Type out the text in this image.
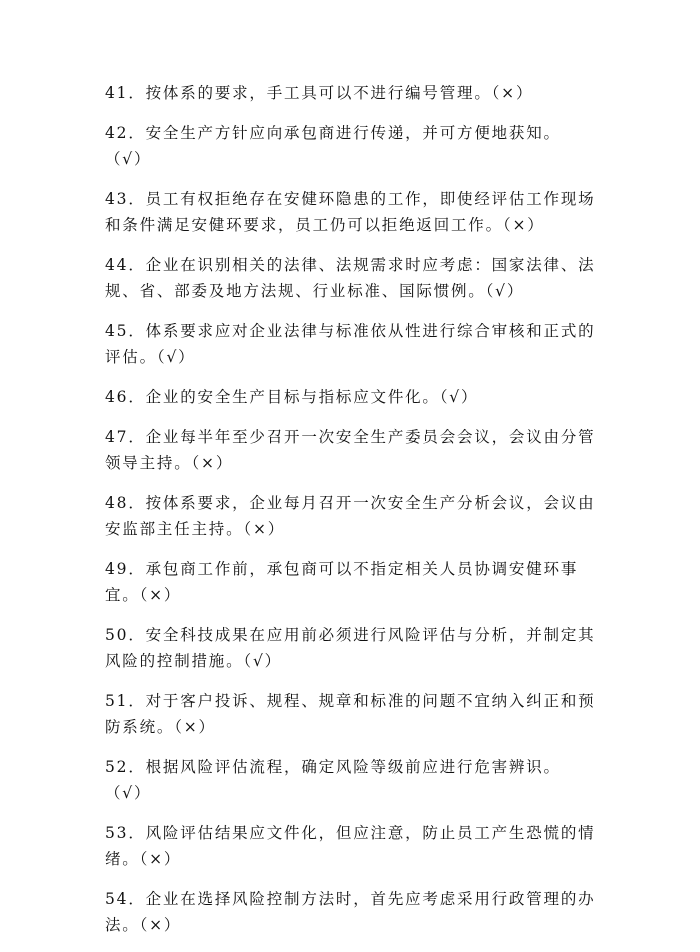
41．按体系的要求，手工具可以不进行编号管理。（×）
42．安全生产方针应向承包商进行传递，并可方便地获知。
（√）
43．员工有权拒绝存在安健环隐患的工作，即使经评估工作现场
和条件满足安健环要求，员工仍可以拒绝返回工作。（×）
44．企业在识别相关的法律、法规需求时应考虑：国家法律、法
规、省、部委及地方法规、行业标准、国际惯例。（√）
45．体系要求应对企业法律与标准依从性进行综合审核和正式的
评估。（√）
46．企业的安全生产目标与指标应文件化。（√）
47．企业每半年至少召开一次安全生产委员会会议，会议由分管
领导主持。（×）
48．按体系要求，企业每月召开一次安全生产分析会议，会议由
安监部主任主持。（×）
49．承包商工作前，承包商可以不指定相关人员协调安健环事
宜。（×）
50．安全科技成果在应用前必须进行风险评估与分析，并制定其
风险的控制措施。（√）
51．对于客户投诉、规程、规章和标准的问题不宜纳入纠正和预
防系统。（×）
52．根据风险评估流程，确定风险等级前应进行危害辨识。
（√）
53．风险评估结果应文件化，但应注意，防止员工产生恐慌的情
绪。（×）
54．企业在选择风险控制方法时，首先应考虑采用行政管理的办
法。（×）
